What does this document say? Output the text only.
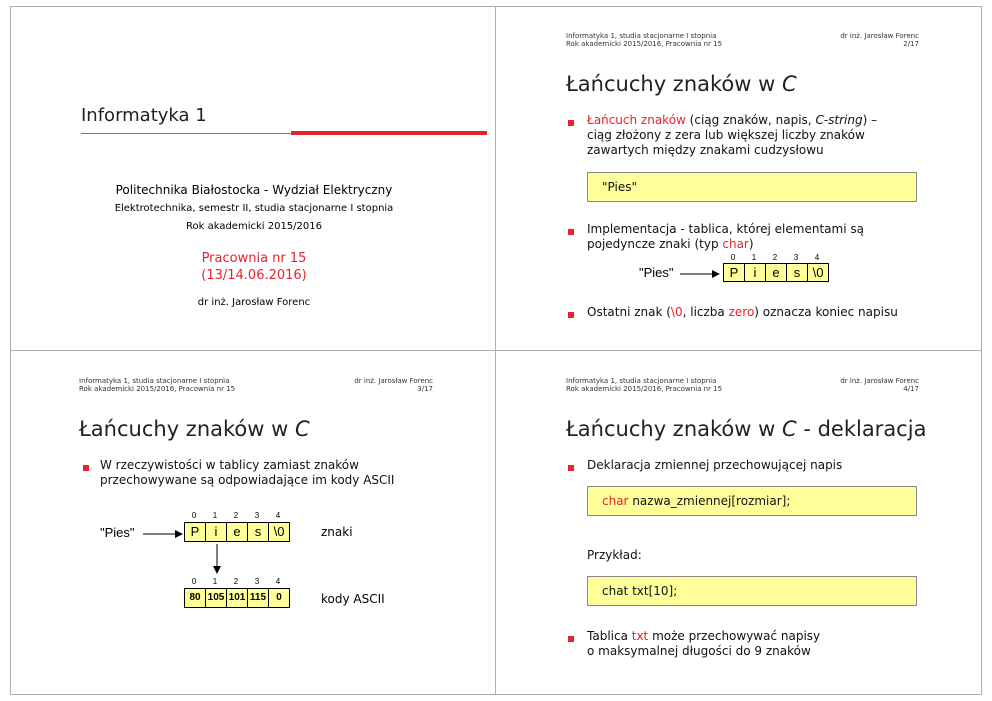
Informatyka 1
Politechnika Białostocka - Wydział Elektryczny
Elektrotechnika, semestr II, studia stacjonarne I stopnia
Rok akademicki 2015/2016
Pracownia nr 15
(13/14.06.2016)
dr inż. Jarosław Forenc
Informatyka 1, studia stacjonarne I stopnia
Rok akademicki 2015/2016, Pracownia nr 15
dr inż. Jarosław Forenc
2/17
Łańcuchy znaków w C
Łańcuch znaków (ciąg znaków, napis, C-string) –
ciąg złożony z zera lub większej liczby znaków
zawartych między znakami cudzysłowu
"Pies"
Implementacja - tablica, której elementami są
pojedyncze znaki (typ char)
"Pies"
0	1	2	3	4
P	i	e	s \0
Ostatni znak (\0, liczba zero) oznacza koniec napisu
Informatyka 1, studia stacjonarne I stopnia
Rok akademicki 2015/2016, Pracownia nr 15
dr inż. Jarosław Forenc
3/17
Łańcuchy znaków w C
W rzeczywistości w tablicy zamiast znaków
przechowywane są odpowiadające im kody ASCII
"Pies"
0	1	2	3	4
P	i	e	s \0	znaki
0	1	2	3	4
80 105 101 115	0	kody ASCII
Informatyka 1, studia stacjonarne I stopnia
Rok akademicki 2015/2016, Pracownia nr 15
dr inż. Jarosław Forenc
4/17
Łańcuchy znaków w C - deklaracja
Deklaracja zmiennej przechowującej napis
char nazwa_zmiennej[rozmiar];
Przykład:
chat txt[10];
Tablica txt może przechowywać napisy
o maksymalnej długości do 9 znaków
